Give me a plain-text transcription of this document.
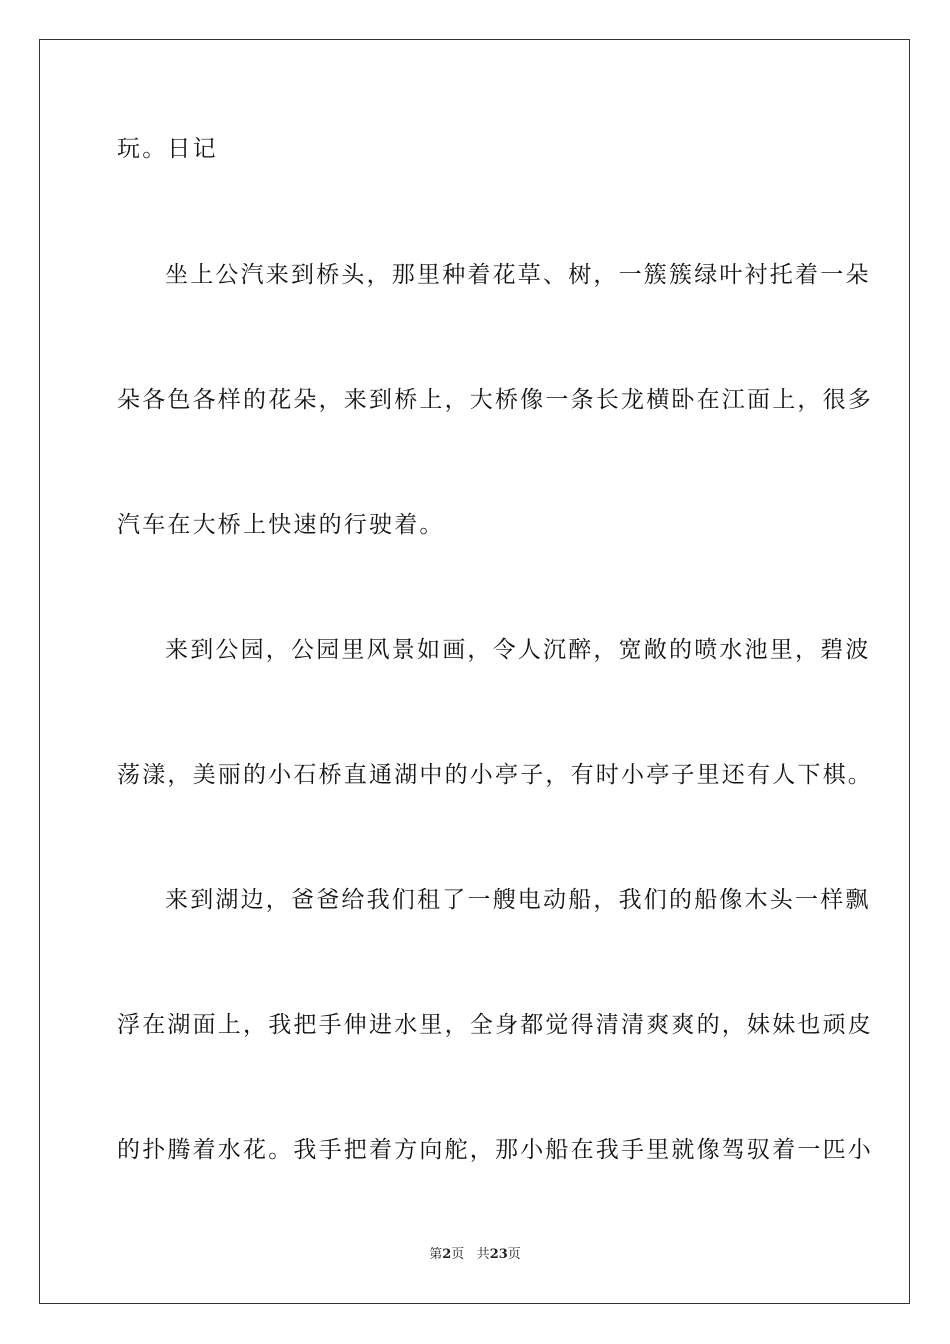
玩。日记
坐上公汽来到桥头，那里种着花草、树，一簇簇绿叶衬托着一朵
朵各色各样的花朵，来到桥上，大桥像一条长龙横卧在江面上，很多
汽车在大桥上快速的行驶着。
来到公园，公园里风景如画，令人沉醉，宽敞的喷水池里，碧波
荡漾，美丽的小石桥直通湖中的小亭子，有时小亭子里还有人下棋。
来到湖边，爸爸给我们租了一艘电动船，我们的船像木头一样飘
浮在湖面上，我把手伸进水里，全身都觉得清清爽爽的，妹妹也顽皮
的扑腾着水花。我手把着方向舵，那小船在我手里就像驾驭着一匹小
第2页 共23页
